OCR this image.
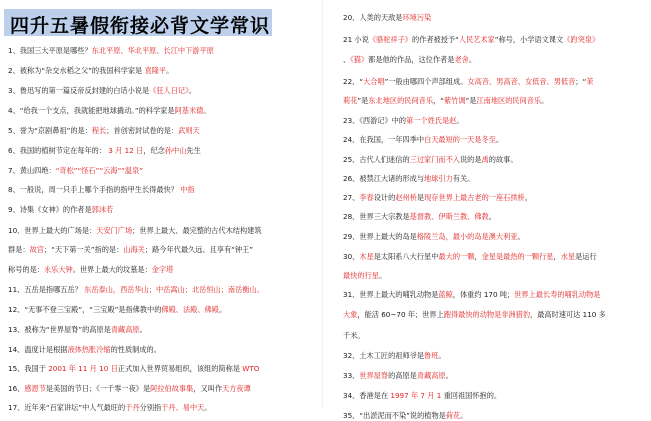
四升五暑假衔接必背文学常识
1、我国三大平原是哪些？东北平原、华北平原、长江中下游平原
2、被称为“杂交水稻之父”的我国科学家是 袁隆平。
3、鲁迅写的第一篇反帝反封建的白话小说是《狂人日记》。
4、“给我一个支点，我就能把地球撬动。”的科学家是阿基米德。
5、誉为“京剧鼻祖”的是：程长；首创密封试卷的是：武则天
6、我国的植树节定在每年的： 3 月 12 日，纪念孙中山先生
7、黄山四绝：“奇松”“怪石”“云海”“温泉”
8、一般说，周一只手上哪个手指的指甲生长得最快？ 中指
9、诗集《女神》的作者是郭沫若
10、世界上最大的广场是：天安门广场；世界上最大、最完整的古代木结构建筑
群是：故宫；“天下第一关”指的是：山海关；路今年代最久远、且享有“钟王”
称号的是：永乐大钟。世界上最大的坟墓是：金字塔
11、五岳是指哪五岳？ 东岳泰山，西岳华山；中岳嵩山；北岳恒山；南岳衡山。
12、“无事不登三宝殿”，“三宝殿”是指佛教中的佛殿、法殿、佛殿。
13、被称为“世界屋脊”的高原是青藏高原。
14、温度计是根据液体热胀冷缩的性质制成的。
15、我国于 2001 年 11 月 10 日正式加入世界贸易组织，该组的简称是 WTO
16、感恩节是美国的节日；《一千零一夜》是阿拉伯故事集，又叫作天方夜谭
17、近年来“百家讲坛”中人气最旺的于丹分别指于丹、易中天。
20、人类的天敌是环境污染
21 小说《骆驼祥子》的作者被授予“人民艺术家”称号，小学语文课文《趵突泉》
、《猫》都是他的作品，这位作者是老舍。
22、“大合唱”一般由哪四个声部组成。女高音、男高音、女低音、男低音；“茉
莉花”是东北地区的民间音乐，“紫竹调”是江南地区的民间音乐。
23、《西游记》中的第一个姓氏是赵。
24、在我国，一年四季中白天最短的一天是冬至。
25、古代人们迷信的三过家门而不入说的是禹的故事。
26、被禁江大诸的形成与地球引力有关。
27、李春设计的赵州桥是现存世界上最古老的一座石拱桥。
28、世界三大宗教是基督教、伊斯兰教、佛教。
29、世界上最大的岛是格陵兰岛，最小的岛是澳大利亚。
30、木星是太阳系八大行星中最大的一颗，金星是最热的一颗行星，水星是运行
最快的行星。
31、世界上最大的哺乳动物是蓝鲸，体重约 170 吨；世界上最长寿的哺乳动物是
大象，能活 60~70 年；世界上跑得最快的动物是非洲猎豹，最高时速可达 110 多
千米。
32、土木工匠的祖师爷是鲁班。
33、世界屋脊的高原是青藏高原。
34、香港是在 1997 年 7 月 1 重回祖国怀抱的。
35、“出淤泥而不染”说的植物是荷花。
